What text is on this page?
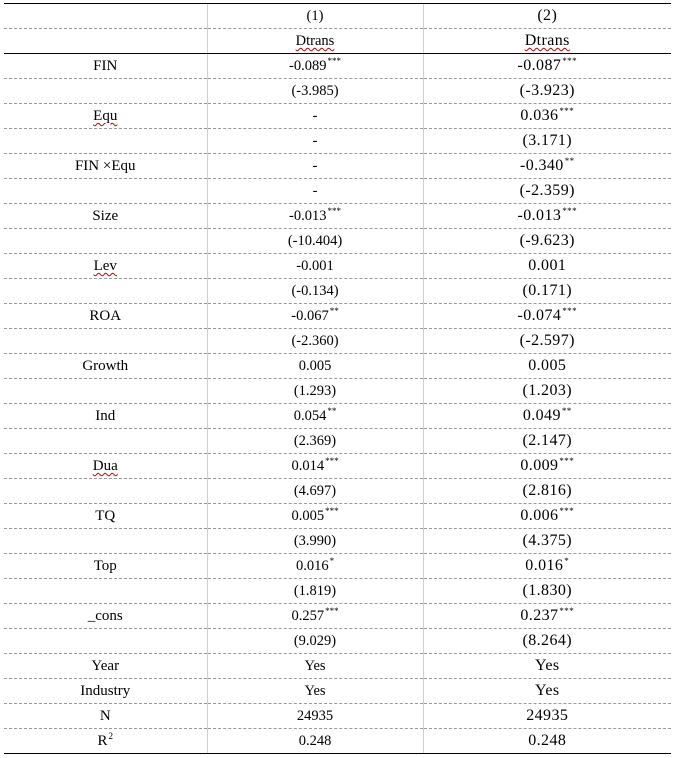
	(1)	(2)
	Dtrans	Dtrans
FIN	-0.089***	-0.087***
	(-3.985)	(-3.923)
Equ	-	0.036***
	-	(3.171)
FIN ×Equ	-	-0.340**
	-	(-2.359)
Size	-0.013***	-0.013***
	(-10.404)	(-9.623)
Lev	-0.001	0.001
	(-0.134)	(0.171)
ROA	-0.067**	-0.074***
	(-2.360)	(-2.597)
Growth	0.005	0.005
	(1.293)	(1.203)
Ind	0.054**	0.049**
	(2.369)	(2.147)
Dua	0.014***	0.009***
	(4.697)	(2.816)
TQ	0.005***	0.006***
	(3.990)	(4.375)
Top	0.016*	0.016*
	(1.819)	(1.830)
_cons	0.257***	0.237***
	(9.029)	(8.264)
Year	Yes	Yes
Industry	Yes	Yes
N	24935	24935
$R^2$	0.248	0.248
